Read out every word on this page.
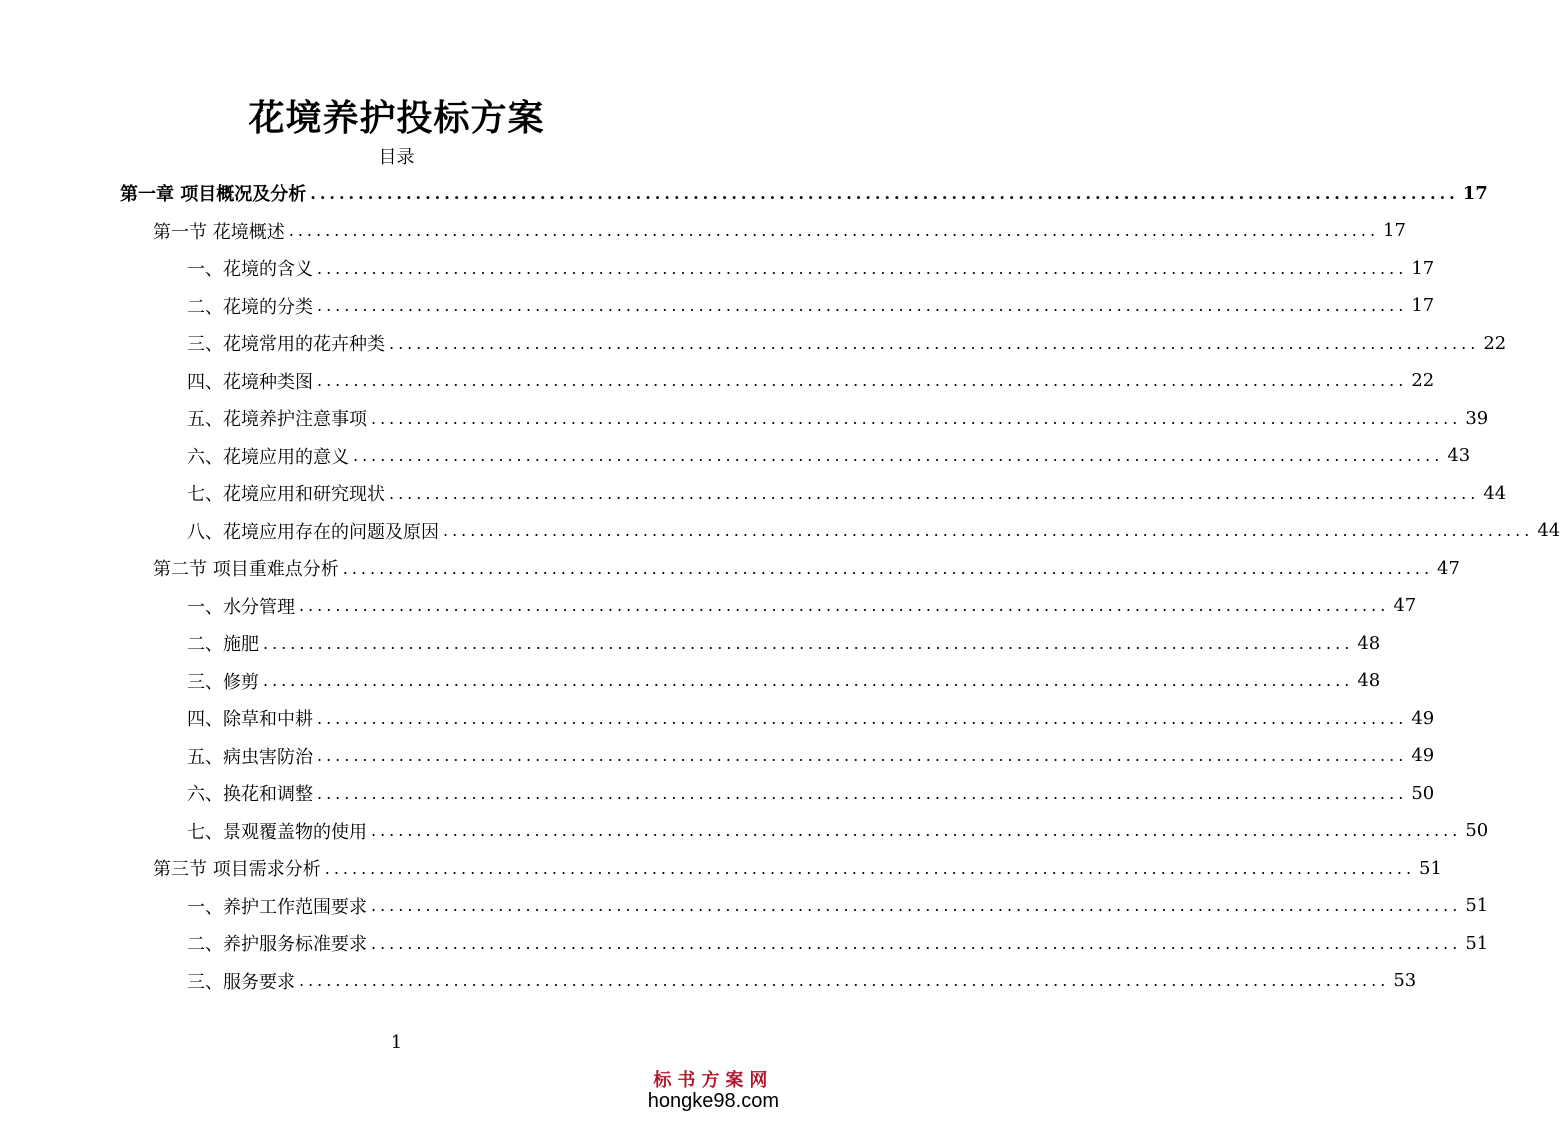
花境养护投标方案
目录
第一章 项目概况及分析 ........................................................................................................................ 17
第一节 花境概述 ........................................................................................................................ 17
一、花境的含义 ........................................................................................................................ 17
二、花境的分类 ........................................................................................................................ 17
三、花境常用的花卉种类 ........................................................................................................................ 22
四、花境种类图 ........................................................................................................................ 22
五、花境养护注意事项 ........................................................................................................................ 39
六、花境应用的意义 ........................................................................................................................ 43
七、花境应用和研究现状 ........................................................................................................................ 44
八、花境应用存在的问题及原因 ........................................................................................................................ 44
第二节 项目重难点分析 ........................................................................................................................ 47
一、水分管理 ........................................................................................................................ 47
二、施肥 ........................................................................................................................ 48
三、修剪 ........................................................................................................................ 48
四、除草和中耕 ........................................................................................................................ 49
五、病虫害防治 ........................................................................................................................ 49
六、换花和调整 ........................................................................................................................ 50
七、景观覆盖物的使用 ........................................................................................................................ 50
第三节 项目需求分析 ........................................................................................................................ 51
一、养护工作范围要求 ........................................................................................................................ 51
二、养护服务标准要求 ........................................................................................................................ 51
三、服务要求 ........................................................................................................................ 53
1
标书方案网
hongke98.com
